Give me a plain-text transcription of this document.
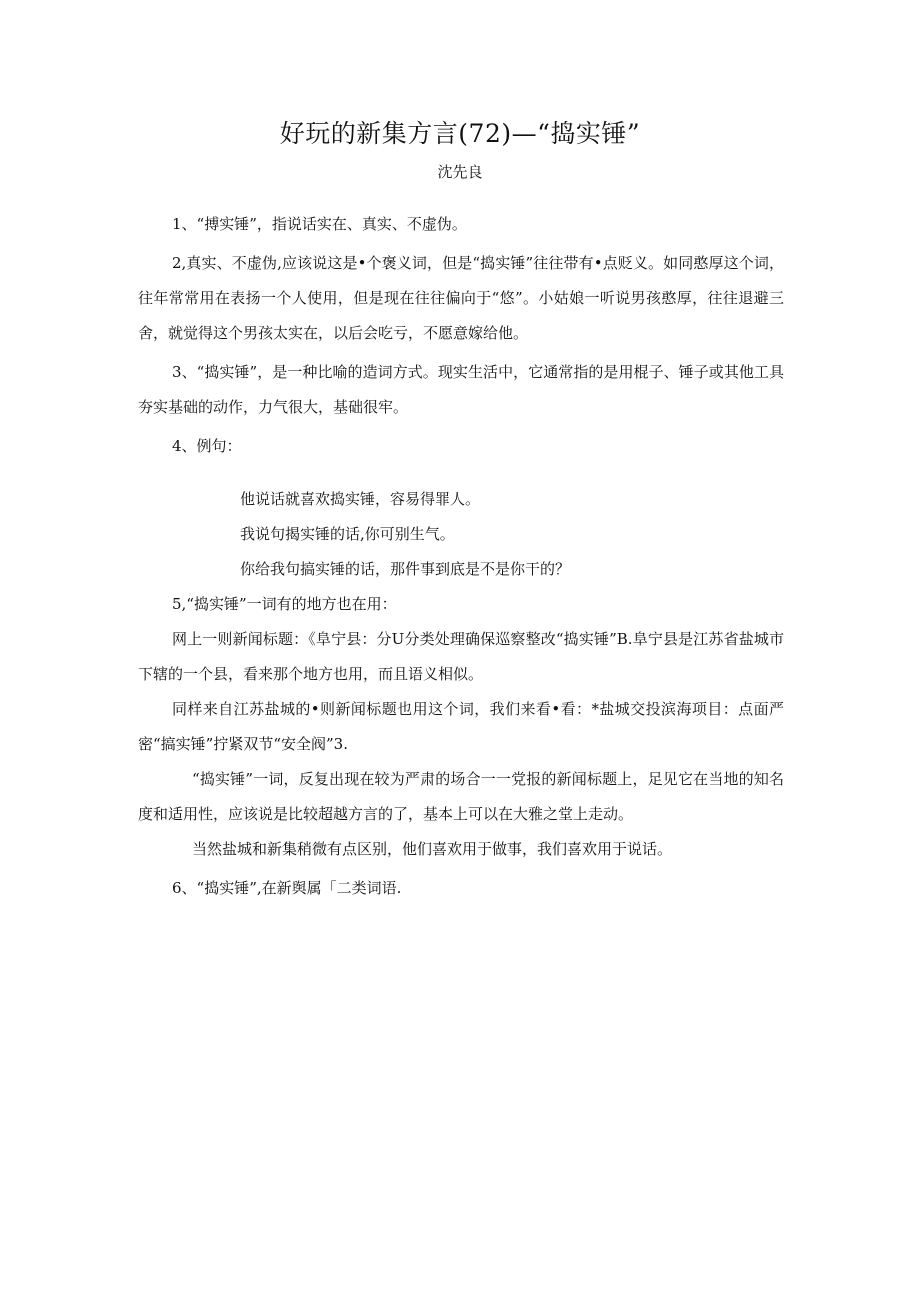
好玩的新集方言(72)—“捣实锤”
沈先良

1、“搏实锤”，指说话实在、真实、不虚伪。

2,真实、不虚伪,应该说这是•个褒义词，但是“捣实锤”往往带有•点贬义。如同憨厚这个词，往年常常用在表扬一个人使用，但是现在往往偏向于“悠”。小姑娘一听说男孩憨厚，往往退避三舍，就觉得这个男孩太实在，以后会吃亏，不愿意嫁给他。

3、“捣实锤”，是一种比喻的造词方式。现实生活中，它通常指的是用棍子、锤子或其他工具夯实基础的动作，力气很大，基础很牢。

4、例句：

他说话就喜欢捣实锤，容易得罪人。

我说句揭实锤的话,你可别生气。

你给我句搞实锤的话，那件事到底是不是你干的？

5,“捣实锤”一词有的地方也在用：

网上一则新闻标题：《阜宁县：分U分类处理确保巡察整改“捣实锤”B.阜宁县是江苏省盐城市下辖的一个县，看来那个地方也用，而且语义相似。

同样来自江苏盐城的•则新闻标题也用这个词，我们来看•看：*盐城交投滨海项目：点面严密“搞实锤”拧紧双节“安全阀”3.

“捣实锤”一词，反复出现在较为严肃的场合一一党报的新闻标题上，足见它在当地的知名度和适用性，应该说是比较超越方言的了，基本上可以在大雅之堂上走动。

当然盐城和新集稍微有点区别，他们喜欢用于做事，我们喜欢用于说话。

6、“捣实锤”,在新舆属「二类词语.
